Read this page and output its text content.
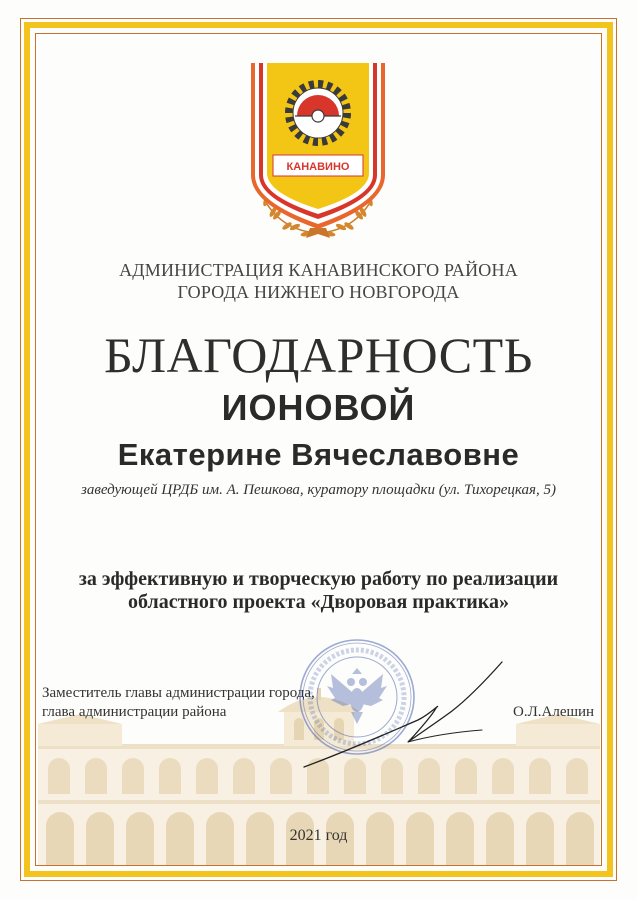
КАНАВИНО
АДМИНИСТРАЦИЯ КАНАВИНСКОГО РАЙОНА
ГОРОДА НИЖНЕГО НОВГОРОДА
БЛАГОДАРНОСТЬ
ИОНОВОЙ
Екатерине Вячеславовне
заведующей ЦРДБ им. А. Пешкова, куратору площадки (ул. Тихорецкая, 5)
за эффективную и творческую работу по реализации
областного проекта «Дворовая практика»
Заместитель главы администрации города,
глава администрации района	О.Л.Алешин
2021 год
